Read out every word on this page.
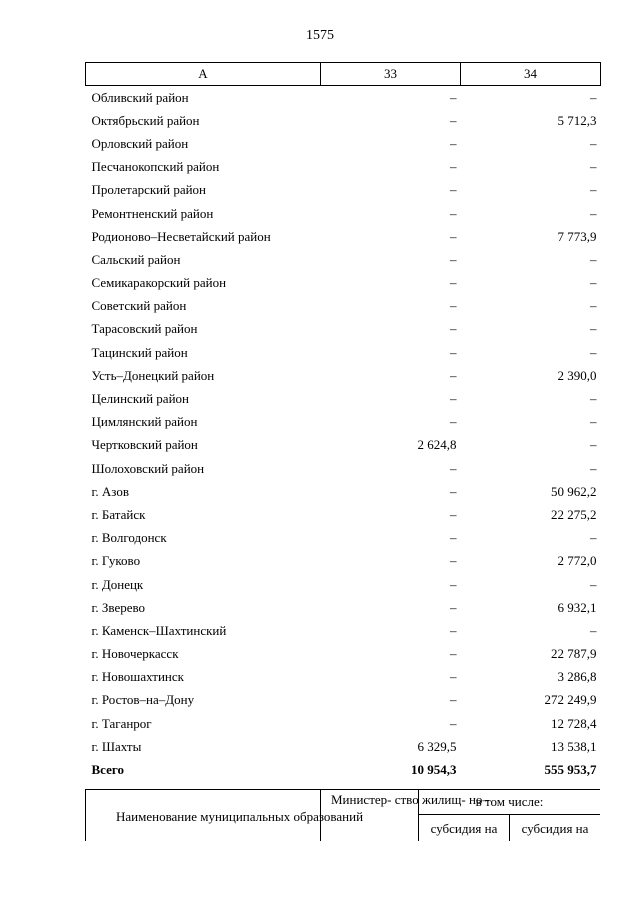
1575
А	33	34
Обливский район	–	–
Октябрьский район	–	5 712,3
Орловский район	–	–
Песчанокопский район	–	–
Пролетарский район	–	–
Ремонтненский район	–	–
Родионово–Несветайский район	–	7 773,9
Сальский район	–	–
Семикаракорский район	–	–
Советский район	–	–
Тарасовский район	–	–
Тацинский район	–	–
Усть–Донецкий район	–	2 390,0
Целинский район	–	–
Цимлянский район	–	–
Чертковский район	2 624,8	–
Шолоховский район	–	–
г. Азов	–	50 962,2
г. Батайск	–	22 275,2
г. Волгодонск	–	–
г. Гуково	–	2 772,0
г. Донецк	–	–
г. Зверево	–	6 932,1
г. Каменск–Шахтинский	–	–
г. Новочеркасск	–	22 787,9
г. Новошахтинск	–	3 286,8
г. Ростов–на–Дону	–	272 249,9
г. Таганрог	–	12 728,4
г. Шахты	6 329,5	13 538,1
Всего	10 954,3	555 953,7
Наименование муниципальных образований	Министер- ство жилищ- но–	в том числе:	
		субсидия на	субсидия на
